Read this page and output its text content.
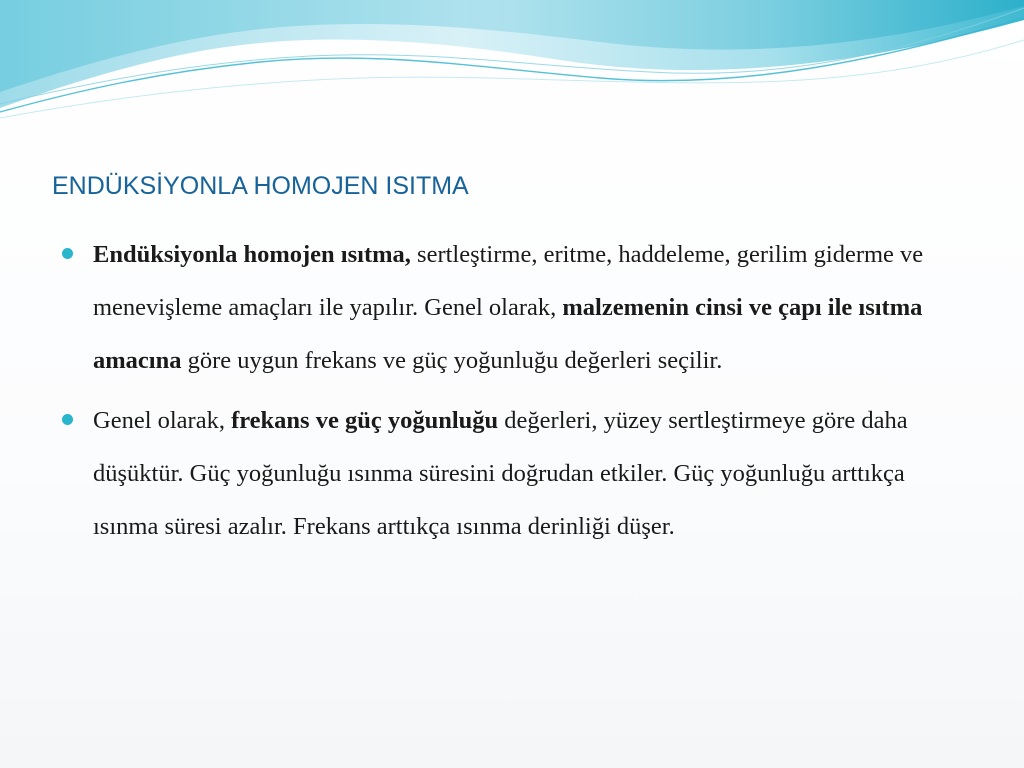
ENDÜKSİYONLA HOMOJEN ISITMA
Endüksiyonla homojen ısıtma, sertleştirme, eritme, haddeleme, gerilim giderme ve menevişleme amaçları ile yapılır. Genel olarak, malzemenin cinsi ve çapı ile ısıtma amacına göre uygun frekans ve güç yoğunluğu değerleri seçilir.
Genel olarak, frekans ve güç yoğunluğu değerleri, yüzey sertleştirmeye göre daha düşüktür. Güç yoğunluğu ısınma süresini doğrudan etkiler. Güç yoğunluğu arttıkça ısınma süresi azalır. Frekans arttıkça ısınma derinliği düşer.
